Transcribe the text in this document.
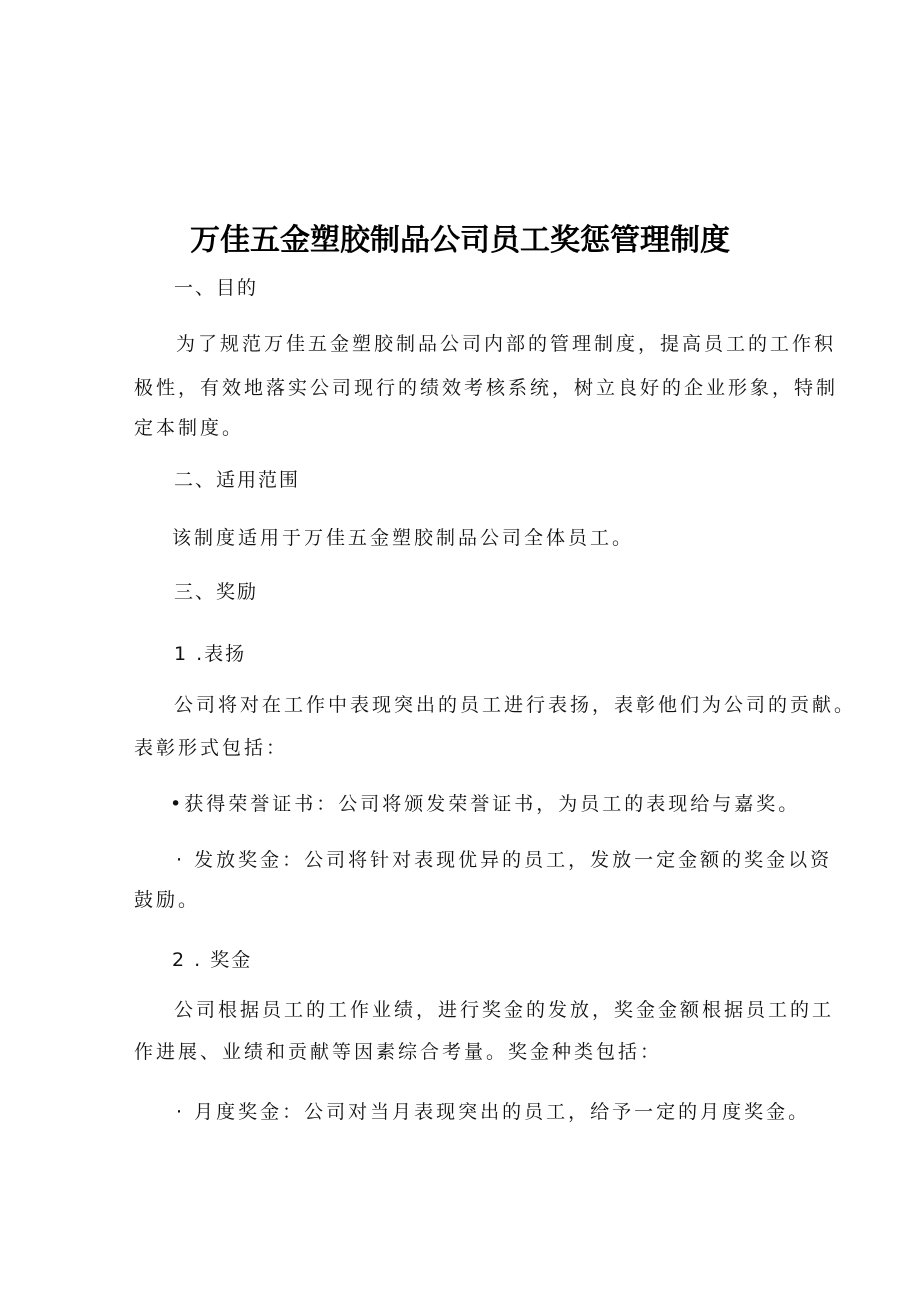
万佳五金塑胶制品公司员工奖惩管理制度
一、目的
为了规范万佳五金塑胶制品公司内部的管理制度，提高员工的工作积
极性，有效地落实公司现行的绩效考核系统，树立良好的企业形象，特制
定本制度。
二、适用范围
该制度适用于万佳五金塑胶制品公司全体员工。
三、奖励
1 .表扬
公司将对在工作中表现突出的员工进行表扬，表彰他们为公司的贡献。
表彰形式包括：
•获得荣誉证书：公司将颁发荣誉证书，为员工的表现给与嘉奖。
· 发放奖金：公司将针对表现优异的员工，发放一定金额的奖金以资
鼓励。
2 . 奖金
公司根据员工的工作业绩，进行奖金的发放，奖金金额根据员工的工
作进展、业绩和贡献等因素综合考量。奖金种类包括：
· 月度奖金：公司对当月表现突出的员工，给予一定的月度奖金。
